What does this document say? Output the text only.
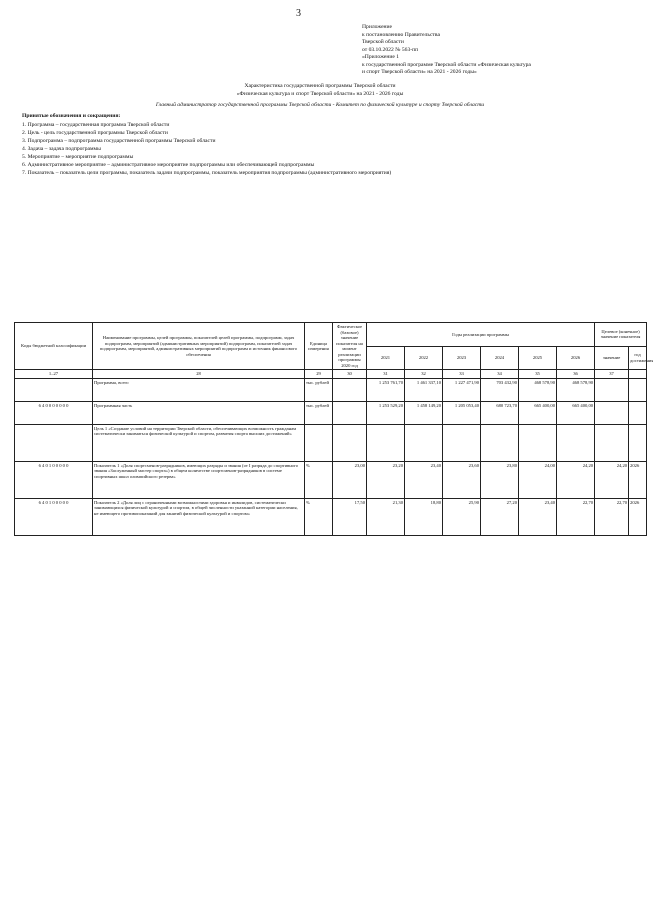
3
Приложение
к постановлению Правительства
Тверской области
от 03.10.2022 № 563-пп
«Приложение 1
к государственной программе Тверской области «Физическая культура
и спорт Тверской области» на 2021 - 2026 годы»
Характеристика государственной программы Тверской области
«Физическая культура и спорт Тверской области» на 2021 - 2026 годы
Главный администратор государственной программы Тверской области - Комитет по физической культуре и спорту Тверской области
Принятые обозначения и сокращения:
1. Программа – государственная программа Тверской области
2. Цель - цель государственной программы Тверской области
3. Подпрограмма – подпрограмма государственной программы Тверской области
4. Задача – задача подпрограммы
5. Мероприятие – мероприятие подпрограммы
6. Административное мероприятие – административное мероприятие подпрограммы или обеспечивающей подпрограммы
7. Показатель – показатель цели программы, показатель задачи подпрограммы, показатель мероприятия подпрограммы (административного мероприятия)
Коды бюджетной классификации	Наименование программы, целей программы, показателей целей программы, подпрограмм, задач подпрограмм, мероприятий (административных мероприятий) подпрограмм, показателей задач подпрограмм, мероприятий, административных мероприятий подпрограмм и источник финансового обеспечения	Единица измерения	Фактическое (базовое) значение показателя на момент реализации программы 2020 год	Годы реализации программы						Целевое (конечное) значение показателя	
				2021	2022	2023	2024	2025	2026	значение	год достижения
1–27	28	29	30	31	32	33	34	35	36	37	
	Программа, всего	тыс. рублей		1 253 761,70	1 461 337,10	1 227 471,90	703 432,90	468 578,90	468 578,90		
6 4 0 0 0 0 0 0 0	Программная часть	тыс. рублей		1 253 529,20	1 458 149,20	1 205 053,40	680 723,70	665 400,00	665 400,00		
	Цель 1 «Создание условий на территории Тверской области, обеспечивающих возможность гражданам систематически заниматься физической культурой и спортом, развития спорта высших достижений»										
6 4 0 1 0 0 0 0 0	Показатель 1 «Доля спортсменов-разрядников, имеющих разряды и звания (от I разряда до спортивного звания «Заслуженный мастер спорта») в общем количестве спортсменов-разрядников в системе спортивных школ олимпийского резерва»	%	23,00	23,20	23,40	23,60	23,80	24,00	24,20	24,20	2026
6 4 0 1 0 0 0 0 0	Показатель 2 «Доля лиц с ограниченными возможностями здоровья и инвалидов, систематически занимающихся физической культурой и спортом, в общей численности указанной категории населения, не имеющего противопоказаний для занятий физической культурой и спортом»	%	17,50	21,30	18,80	25,90	27,20	23,40	22,70	22,70	2026
